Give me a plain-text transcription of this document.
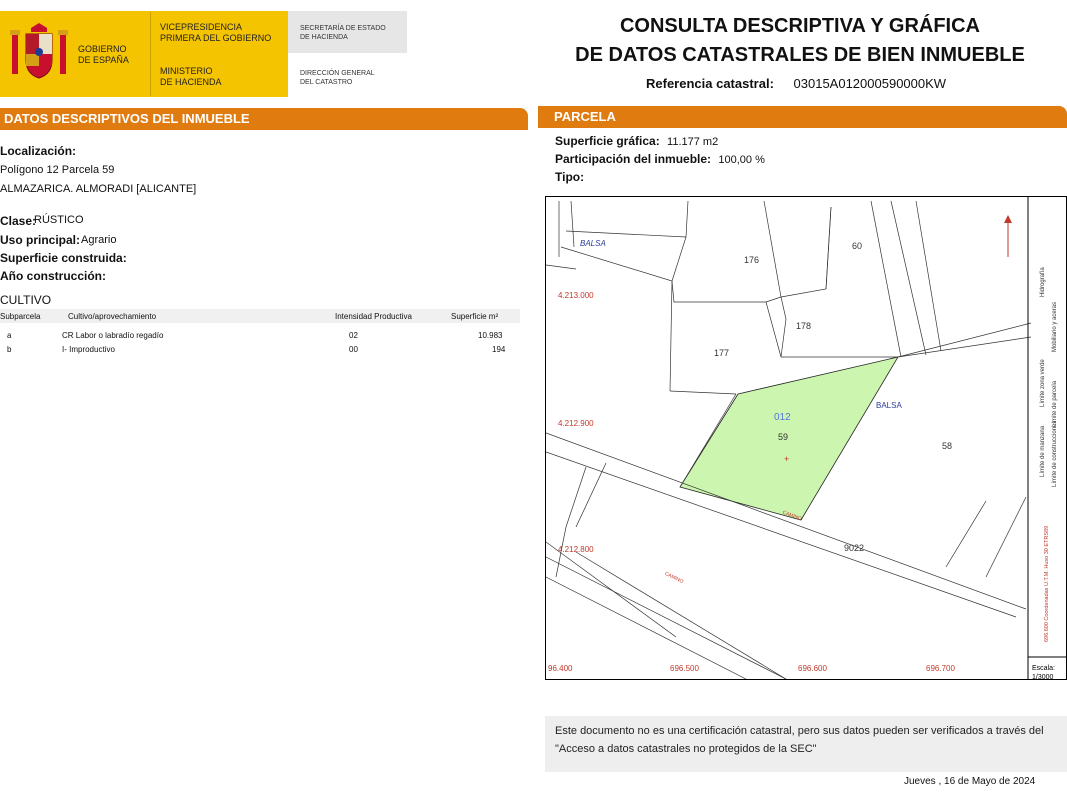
GOBIERNO
DE ESPAÑA
VICEPRESIDENCIA
PRIMERA DEL GOBIERNO
MINISTERIO
DE HACIENDA
SECRETARÍA DE ESTADO
DE HACIENDA
DIRECCIÓN GENERAL
DEL CATASTRO
CONSULTA DESCRIPTIVA Y GRÁFICA
DE DATOS CATASTRALES DE BIEN INMUEBLE
Referencia catastral: 03015A012000590000KW
DATOS DESCRIPTIVOS DEL INMUEBLE
Localización:
Polígono 12 Parcela 59
ALMAZARICA. ALMORADI [ALICANTE]
Clase:
RÚSTICO
Uso principal: Agrario
Superficie construida:
Año construcción:
CULTIVO
Subparcela	Cultivo/aprovechamiento	Intensidad Productiva	Superficie m²
a	CR Labor o labradío regadío	02	10.983
b	I- Improductivo	00	194
PARCELA
Superficie gráfica: 11.177 m2
Participación del inmueble: 100,00 %
Tipo:
Límite zona verde
Hidrografía
Límite de parcela
Mobiliario y aceras
Límite de manzana Límite de construcciones
696.600 Coordenadas U.T.M. Huso 30 ETRS89
Escala:
1/3000
BALSA
176
60
178
177
012
59
+
BALSA
58
9022
CAMINO
CAMINO
4.213.000
4.212.900
4.212.800
96.400	696.500	696.600	696.700
Este documento no es una certificación catastral, pero sus datos pueden ser verificados a través del "Acceso a datos catastrales no protegidos de la SEC"
Jueves , 16 de Mayo de 2024
